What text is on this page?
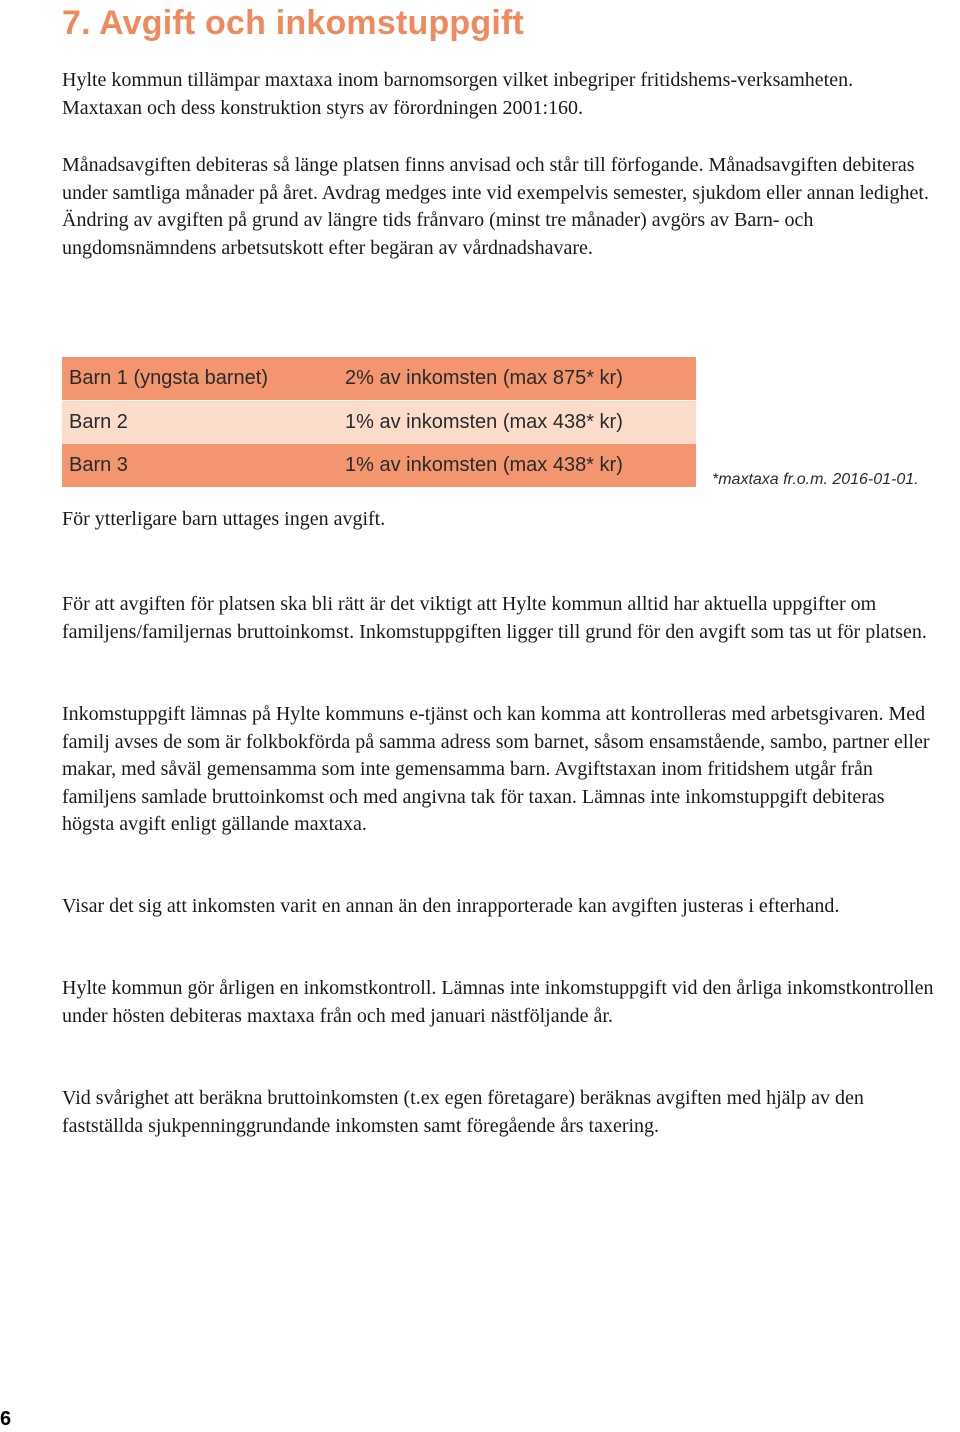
7. Avgift och inkomstuppgift

Hylte kommun tillämpar maxtaxa inom barnomsorgen vilket inbegriper fritidshems-verksamheten. Maxtaxan och dess konstruktion styrs av förordningen 2001:160.

Månadsavgiften debiteras så länge platsen finns anvisad och står till förfogande. Månadsavgiften debiteras under samtliga månader på året. Avdrag medges inte vid exempelvis semester, sjukdom eller annan ledighet. Ändring av avgiften på grund av längre tids frånvaro (minst tre månader) avgörs av Barn- och ungdomsnämndens arbetsutskott efter begäran av vårdnadshavare.

Barn 1 (yngsta barnet)	2% av inkomsten (max 875* kr)
Barn 2	1% av inkomsten (max 438* kr)
Barn 3	1% av inkomsten (max 438* kr)
*maxtaxa fr.o.m. 2016-01-01.

För ytterligare barn uttages ingen avgift.

För att avgiften för platsen ska bli rätt är det viktigt att Hylte kommun alltid har aktuella uppgifter om familjens/familjernas bruttoinkomst. Inkomstuppgiften ligger till grund för den avgift som tas ut för platsen.

Inkomstuppgift lämnas på Hylte kommuns e-tjänst och kan komma att kontrolleras med arbetsgivaren. Med familj avses de som är folkbokförda på samma adress som barnet, såsom ensamstående, sambo, partner eller makar, med såväl gemensamma som inte gemensamma barn. Avgiftstaxan inom fritidshem utgår från familjens samlade bruttoinkomst och med angivna tak för taxan. Lämnas inte inkomstuppgift debiteras högsta avgift enligt gällande maxtaxa.

Visar det sig att inkomsten varit en annan än den inrapporterade kan avgiften justeras i efterhand.

Hylte kommun gör årligen en inkomstkontroll. Lämnas inte inkomstuppgift vid den årliga inkomstkontrollen under hösten debiteras maxtaxa från och med januari nästföljande år.

Vid svårighet att beräkna bruttoinkomsten (t.ex egen företagare) beräknas avgiften med hjälp av den fastställda sjukpenninggrundande inkomsten samt föregående års taxering.

6
